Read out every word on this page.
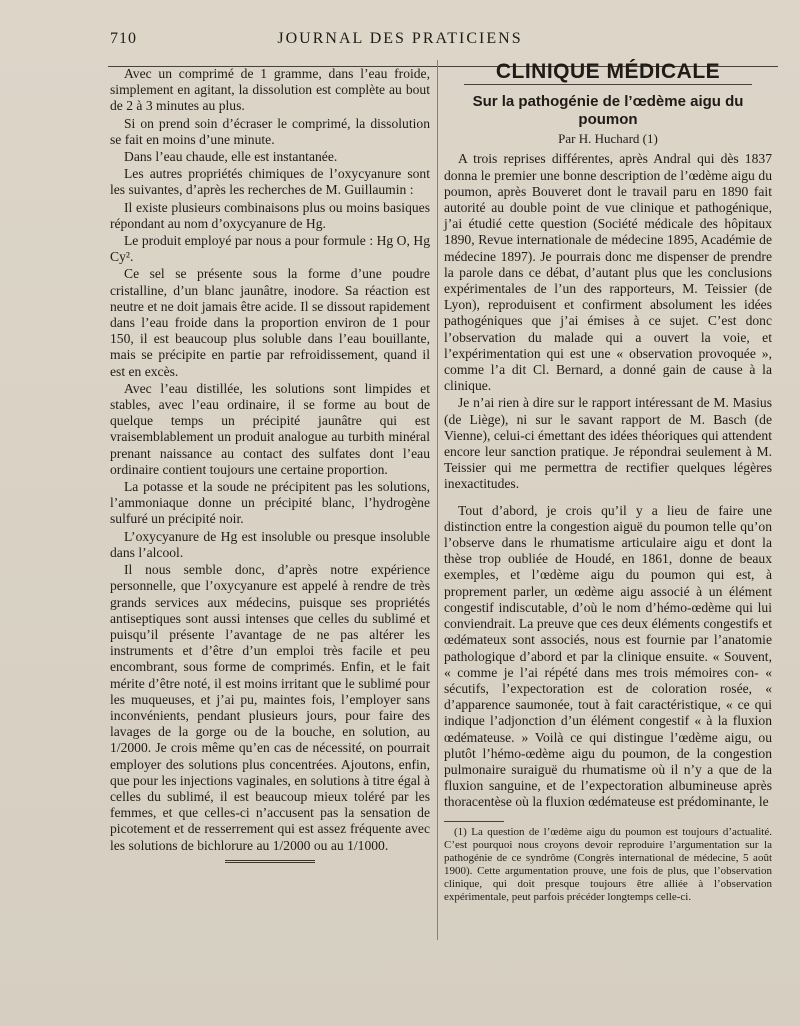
710	JOURNAL DES PRATICIENS

Avec un comprimé de 1 gramme, dans l’eau froide, simplement en agitant, la dissolution est complète au bout de 2 à 3 minutes au plus.

Si on prend soin d’écraser le comprimé, la dissolution se fait en moins d’une minute.

Dans l’eau chaude, elle est instantanée.

Les autres propriétés chimiques de l’oxycyanure sont les suivantes, d’après les recherches de M. Guillaumin :

Il existe plusieurs combinaisons plus ou moins basiques répondant au nom d’oxycyanure de Hg.

Le produit employé par nous a pour formule : Hg O, Hg Cy².

Ce sel se présente sous la forme d’une poudre cristalline, d’un blanc jaunâtre, inodore. Sa réaction est neutre et ne doit jamais être acide. Il se dissout rapidement dans l’eau froide dans la proportion environ de 1 pour 150, il est beaucoup plus soluble dans l’eau bouillante, mais se précipite en partie par refroidissement, quand il est en excès.

Avec l’eau distillée, les solutions sont limpides et stables, avec l’eau ordinaire, il se forme au bout de quelque temps un précipité jaunâtre qui est vraisemblablement un produit analogue au turbith minéral prenant naissance au contact des sulfates dont l’eau ordinaire contient toujours une certaine proportion.

La potasse et la soude ne précipitent pas les solutions, l’ammoniaque donne un précipité blanc, l’hydrogène sulfuré un précipité noir.

L’oxycyanure de Hg est insoluble ou presque insoluble dans l’alcool.

Il nous semble donc, d’après notre expérience personnelle, que l’oxycyanure est appelé à rendre de très grands services aux médecins, puisque ses propriétés antiseptiques sont aussi intenses que celles du sublimé et puisqu’il présente l’avantage de ne pas altérer les instruments et d’être d’un emploi très facile et peu encombrant, sous forme de comprimés. Enfin, et le fait mérite d’être noté, il est moins irritant que le sublimé pour les muqueuses, et j’ai pu, maintes fois, l’employer sans inconvénients, pendant plusieurs jours, pour faire des lavages de la gorge ou de la bouche, en solution, au 1/2000. Je crois même qu’en cas de nécessité, on pourrait employer des solutions plus concentrées. Ajoutons, enfin, que pour les injections vaginales, en solutions à titre égal à celles du sublimé, il est beaucoup mieux toléré par les femmes, et que celles-ci n’accusent pas la sensation de picotement et de resserrement qui est assez fréquente avec les solutions de bichlorure au 1/2000 ou au 1/1000.

CLINIQUE MÉDICALE
Sur la pathogénie de l’œdème aigu du poumon
Par H. Huchard (1)

A trois reprises différentes, après Andral qui dès 1837 donna le premier une bonne description de l’œdème aigu du poumon, après Bouveret dont le travail paru en 1890 fait autorité au double point de vue clinique et pathogénique, j’ai étudié cette question (Société médicale des hôpitaux 1890, Revue internationale de médecine 1895, Académie de médecine 1897). Je pourrais donc me dispenser de prendre la parole dans ce débat, d’autant plus que les conclusions expérimentales de l’un des rapporteurs, M. Teissier (de Lyon), reproduisent et confirment absolument les idées pathogéniques que j’ai émises à ce sujet. C’est donc l’observation du malade qui a ouvert la voie, et l’expérimentation qui est une « observation provoquée », comme l’a dit Cl. Bernard, a donné gain de cause à la clinique.

Je n’ai rien à dire sur le rapport intéressant de M. Masius (de Liège), ni sur le savant rapport de M. Basch (de Vienne), celui-ci émettant des idées théoriques qui attendent encore leur sanction pratique. Je répondrai seulement à M. Teissier qui me permettra de rectifier quelques légères inexactitudes.

Tout d’abord, je crois qu’il y a lieu de faire une distinction entre la congestion aiguë du poumon telle qu’on l’observe dans le rhumatisme articulaire aigu et dont la thèse trop oubliée de Houdé, en 1861, donne de beaux exemples, et l’œdème aigu du poumon qui est, à proprement parler, un œdème aigu associé à un élément congestif indiscutable, d’où le nom d’hémo-œdème qui lui conviendrait. La preuve que ces deux éléments congestifs et œdémateux sont associés, nous est fournie par l’anatomie pathologique d’abord et par la clinique ensuite. « Souvent, « comme je l’ai répété dans mes trois mémoires con- « sécutifs, l’expectoration est de coloration rosée, « d’apparence saumonée, tout à fait caractéristique, « ce qui indique l’adjonction d’un élément congestif « à la fluxion œdémateuse. » Voilà ce qui distingue l’œdème aigu, ou plutôt l’hémo-œdème aigu du poumon, de la congestion pulmonaire suraiguë du rhumatisme où il n’y a que de la fluxion sanguine, et de l’expectoration albumineuse après thoracentèse où la fluxion œdémateuse est prédominante, le

(1) La question de l’œdème aigu du poumon est toujours d’actualité. C’est pourquoi nous croyons devoir reproduire l’argumentation sur la pathogénie de ce syndrôme (Congrès international de médecine, 5 août 1900). Cette argumentation prouve, une fois de plus, que l’observation clinique, qui doit presque toujours être alliée à l’observation expérimentale, peut parfois précéder longtemps celle-ci.
